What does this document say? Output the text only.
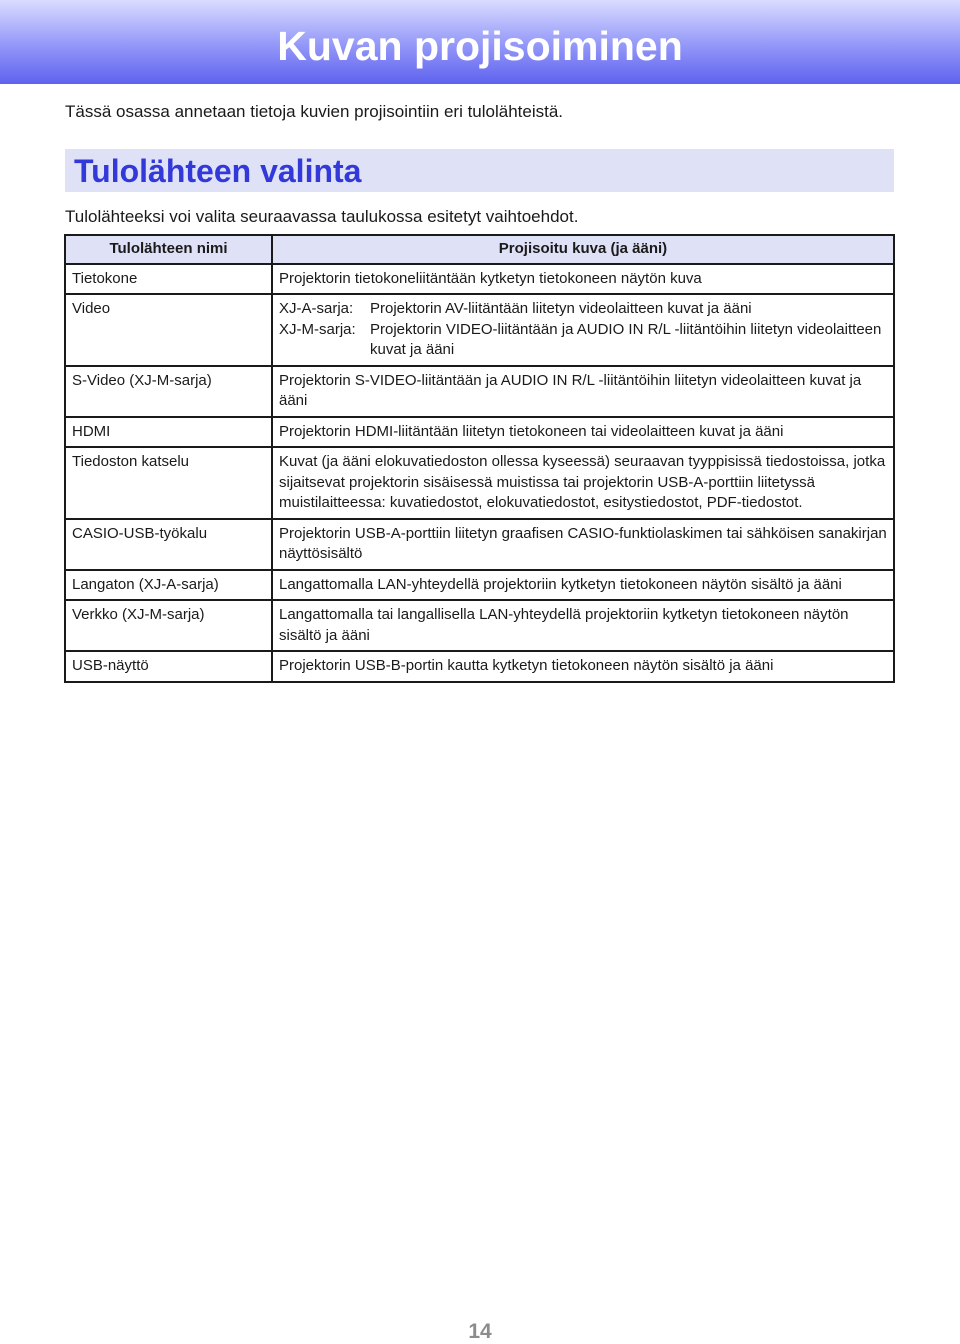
Kuvan projisoiminen
Tässä osassa annetaan tietoja kuvien projisointiin eri tulolähteistä.
Tulolähteen valinta
Tulolähteeksi voi valita seuraavassa taulukossa esitetyt vaihtoehdot.
Tulolähteen nimi	Projisoitu kuva (ja ääni)
Tietokone	Projektorin tietokoneliitäntään kytketyn tietokoneen näytön kuva
Video	XJ-A-sarja: Projektorin AV-liitäntään liitetyn videolaitteen kuvat ja ääni
XJ-M-sarja: Projektorin VIDEO-liitäntään ja AUDIO IN R/L -liitäntöihin liitetyn videolaitteen kuvat ja ääni

S-Video (XJ-M-sarja)	Projektorin S-VIDEO-liitäntään ja AUDIO IN R/L -liitäntöihin liitetyn videolaitteen kuvat ja ääni
HDMI	Projektorin HDMI-liitäntään liitetyn tietokoneen tai videolaitteen kuvat ja ääni
Tiedoston katselu	Kuvat (ja ääni elokuvatiedoston ollessa kyseessä) seuraavan tyyppisissä tiedostoissa, jotka sijaitsevat projektorin sisäisessä muistissa tai projektorin USB-A-porttiin liitetyssä muistilaitteessa: kuvatiedostot, elokuvatiedostot, esitystiedostot, PDF-tiedostot.
CASIO-USB-työkalu	Projektorin USB-A-porttiin liitetyn graafisen CASIO-funktiolaskimen tai sähköisen sanakirjan näyttösisältö
Langaton (XJ-A-sarja)	Langattomalla LAN-yhteydellä projektoriin kytketyn tietokoneen näytön sisältö ja ääni
Verkko (XJ-M-sarja)	Langattomalla tai langallisella LAN-yhteydellä projektoriin kytketyn tietokoneen näytön sisältö ja ääni
USB-näyttö	Projektorin USB-B-portin kautta kytketyn tietokoneen näytön sisältö ja ääni
14
